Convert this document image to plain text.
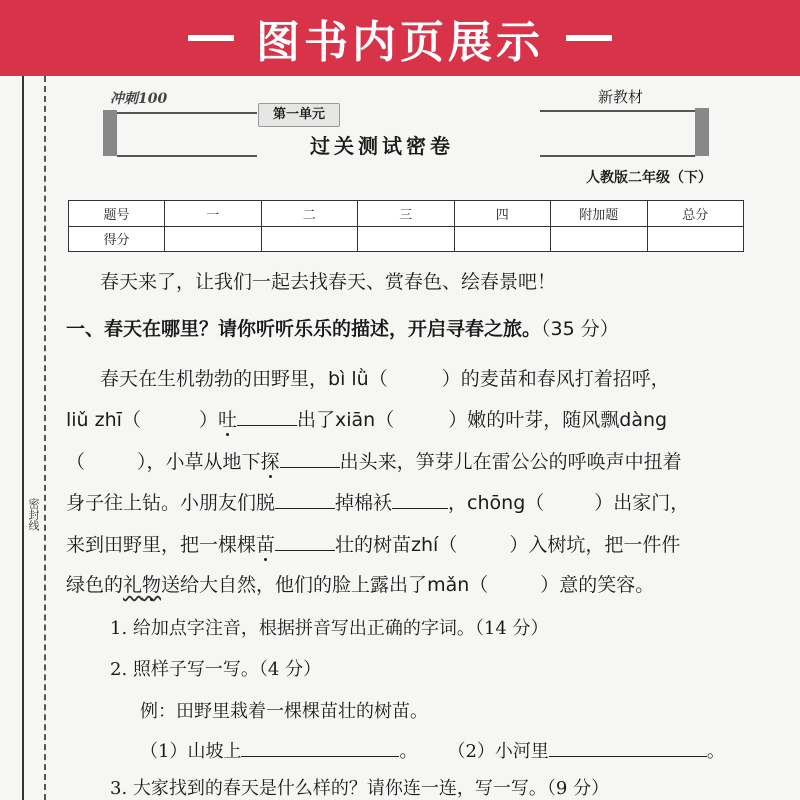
图书内页展示
密封线
冲刺100
第一单元
过关测试密卷
新教材
人教版二年级（下）
题号	一	二	三	四	附加题	总分
得分						
春天来了，让我们一起去找春天、赏春色、绘春景吧！
一、春天在哪里？请你听听乐乐的描述，开启寻春之旅。（35 分）
春天在生机勃勃的田野里，bì lǜ（	）的麦苗和春风打着招呼，
liǔ zhī（	）吐	出了xiān（	）嫩的叶芽，随风飘dàng
（	），小草从地下探	出头来，笋芽儿在雷公公的呼唤声中扭着
身子往上钻。小朋友们脱	掉棉袄	，chōng（	）出家门，
来到田野里，把一棵棵苗	壮的树苗zhí（	）入树坑，把一件件
绿色的礼物送给大自然，他们的脸上露出了mǎn（	）意的笑容。
1. 给加点字注音，根据拼音写出正确的字词。（14 分）
2. 照样子写一写。（4 分）
例：田野里栽着一棵棵苗壮的树苗。
（1）山坡上	。 （2）小河里	。
3. 大家找到的春天是什么样的？请你连一连，写一写。（9 分）
